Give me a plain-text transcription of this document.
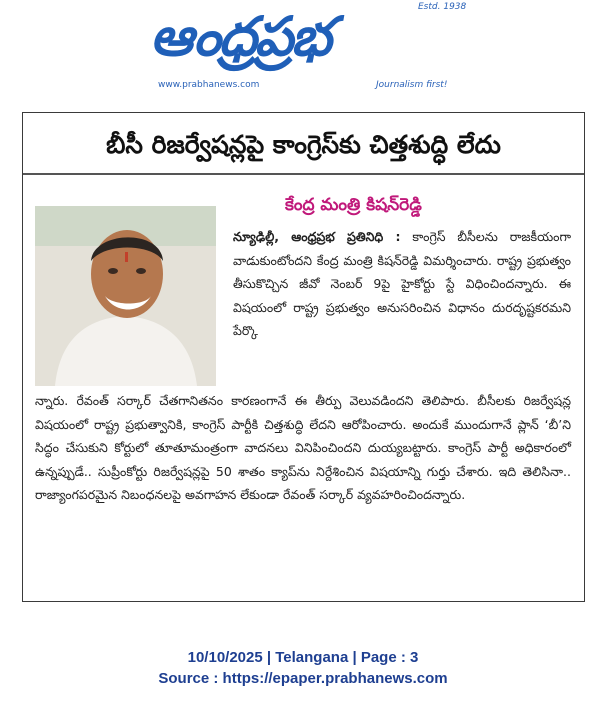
ఆంధ్రప్రభ	Estd. 1938
www.prabhanews.com	Journalism first!
బీసీ రిజర్వేషన్లపై కాంగ్రెస్‌కు చిత్తశుద్ధి లేదు
కేంద్ర మంత్రి కిషన్‌రెడ్డి
న్యూఢిల్లీ, ఆంధ్రప్రభ ప్రతినిధి : కాంగ్రెస్ బీసీలను రాజకీయంగా వాడుకుంటోందని కేంద్ర మంత్రి కిషన్‌రెడ్డి విమర్శించారు. రాష్ట్ర ప్రభుత్వం తీసుకొచ్చిన జీవో నెంబర్ 9పై హైకోర్టు స్టే విధించిందన్నారు. ఈ విషయంలో రాష్ట్ర ప్రభుత్వం అనుసరించిన విధానం దురదృష్టకరమని పేర్కొ
న్నారు. రేవంత్ సర్కార్ చేతగానితనం కారణంగానే ఈ తీర్పు వెలువడిందని తెలిపారు. బీసీలకు రిజర్వేషన్ల విషయంలో రాష్ట్ర ప్రభుత్వానికి, కాంగ్రెస్ పార్టీకి చిత్తశుద్ధి లేదని ఆరోపించారు. అందుకే ముందుగానే ప్లాన్ ‘బీ’ని సిద్ధం చేసుకుని కోర్టులో తూతూమంత్రంగా వాదనలు వినిపించిందని దుయ్యబట్టారు. కాంగ్రెస్ పార్టీ అధికారంలో ఉన్నప్పుడే.. సుప్రీంకోర్టు రిజర్వేషన్లపై 50 శాతం క్యాప్‌ను నిర్దేశించిన విషయాన్ని గుర్తు చేశారు. ఇది తెలిసినా.. రాజ్యాంగపరమైన నిబంధనలపై అవగాహన లేకుండా రేవంత్ సర్కార్ వ్యవహరించిందన్నారు.
10/10/2025 | Telangana | Page : 3
Source : https://epaper.prabhanews.com
